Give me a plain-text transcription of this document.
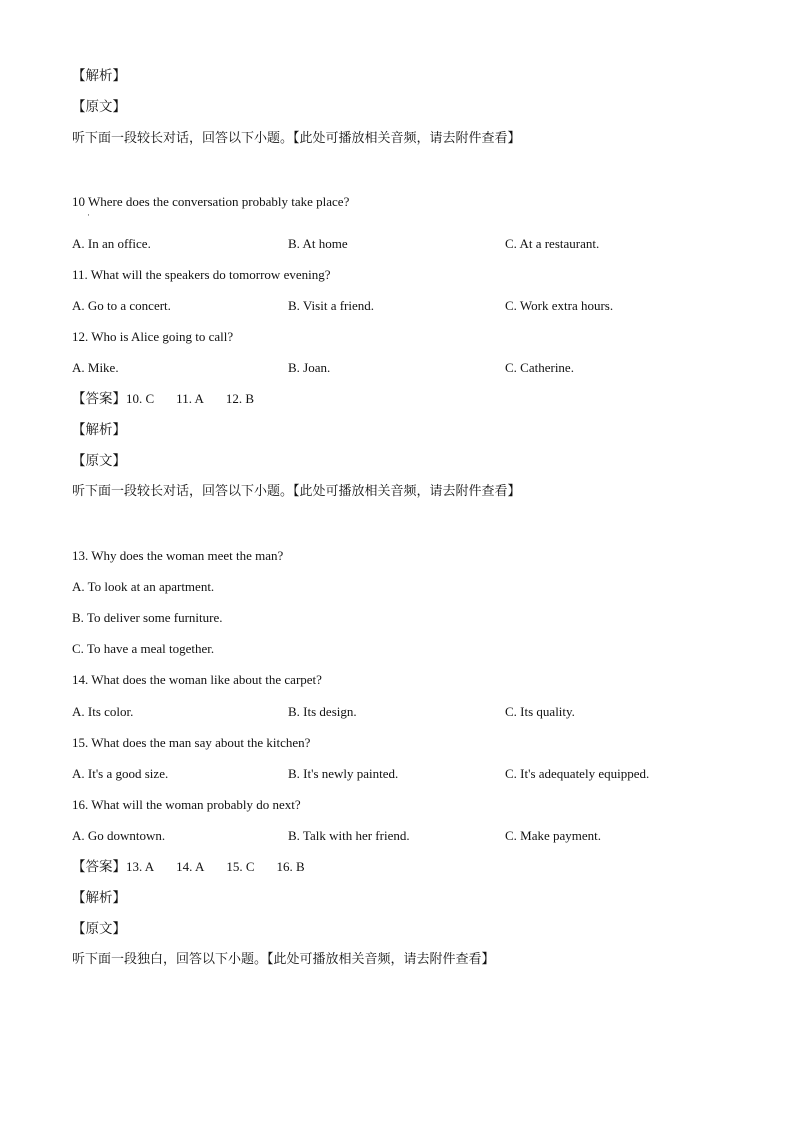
【解析】
【原文】
听下面一段较长对话，回答以下小题。【此处可播放相关音频，请去附件查看】
10 Where does the conversation probably take place?
·
A. In an office.	B. At home	C. At a restaurant.
11. What will the speakers do tomorrow evening?
A. Go to a concert.	B. Visit a friend.	C. Work extra hours.
12. Who is Alice going to call?
A. Mike.	B. Joan.	C. Catherine.
【答案】10. C 11. A 12. B
【解析】
【原文】
听下面一段较长对话，回答以下小题。【此处可播放相关音频，请去附件查看】
13. Why does the woman meet the man?
A. To look at an apartment.
B. To deliver some furniture.
C. To have a meal together.
14. What does the woman like about the carpet?
A. Its color.	B. Its design.	C. Its quality.
15. What does the man say about the kitchen?
A. It's a good size.	B. It's newly painted.	C. It's adequately equipped.
16. What will the woman probably do next?
A. Go downtown.	B. Talk with her friend.	C. Make payment.
【答案】13. A 14. A 15. C 16. B
【解析】
【原文】
听下面一段独白，回答以下小题。【此处可播放相关音频，请去附件查看】
